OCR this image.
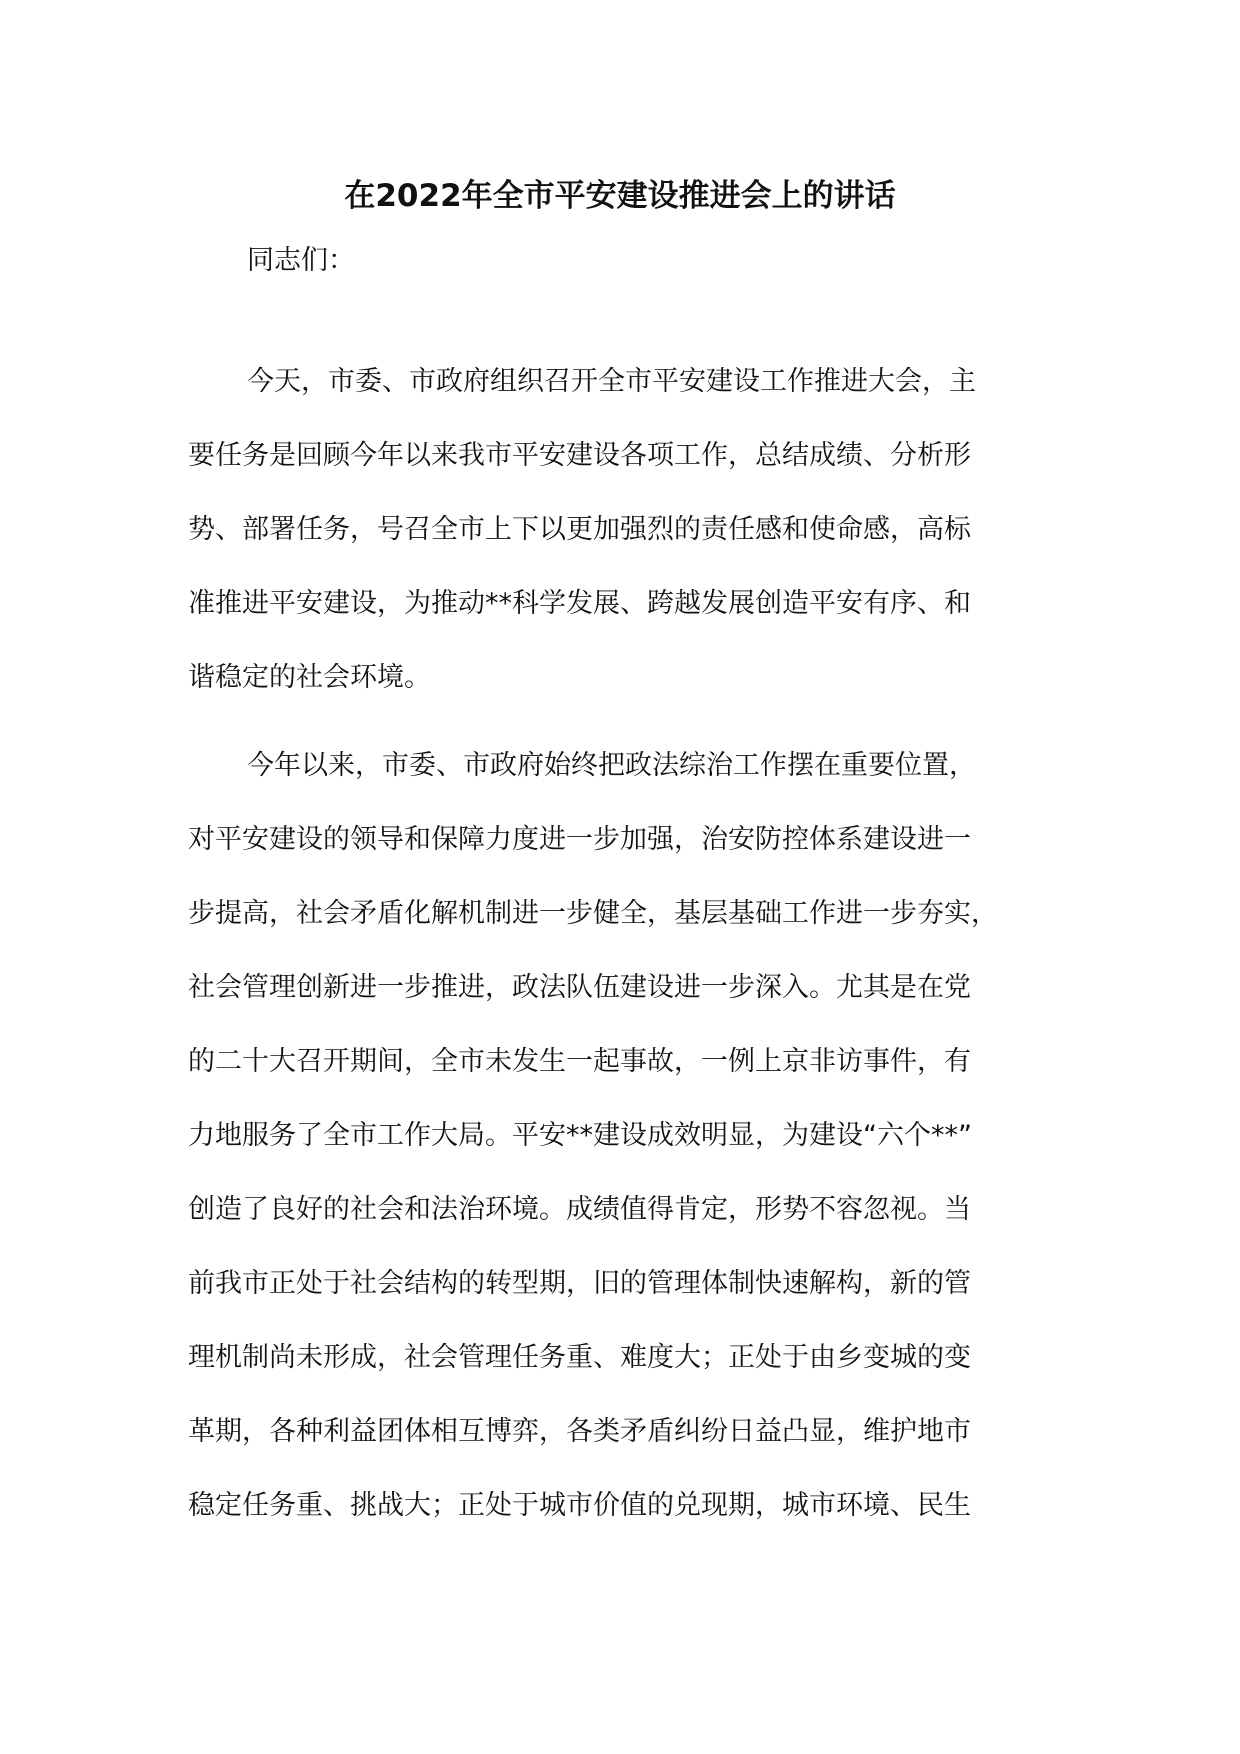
在2022年全市平安建设推进会上的讲话

同志们：

今天，市委、市政府组织召开全市平安建设工作推进大会，主
要任务是回顾今年以来我市平安建设各项工作，总结成绩、分析形
势、部署任务，号召全市上下以更加强烈的责任感和使命感，高标
准推进平安建设，为推动**科学发展、跨越发展创造平安有序、和
谐稳定的社会环境。
今年以来，市委、市政府始终把政法综治工作摆在重要位置，
对平安建设的领导和保障力度进一步加强，治安防控体系建设进一
步提高，社会矛盾化解机制进一步健全，基层基础工作进一步夯实，
社会管理创新进一步推进，政法队伍建设进一步深入。尤其是在党
的二十大召开期间，全市未发生一起事故，一例上京非访事件，有
力地服务了全市工作大局。平安**建设成效明显，为建设“六个**”
创造了良好的社会和法治环境。成绩值得肯定，形势不容忽视。当
前我市正处于社会结构的转型期，旧的管理体制快速解构，新的管
理机制尚未形成，社会管理任务重、难度大；正处于由乡变城的变
革期，各种利益团体相互博弈，各类矛盾纠纷日益凸显，维护地市
稳定任务重、挑战大；正处于城市价值的兑现期，城市环境、民生
